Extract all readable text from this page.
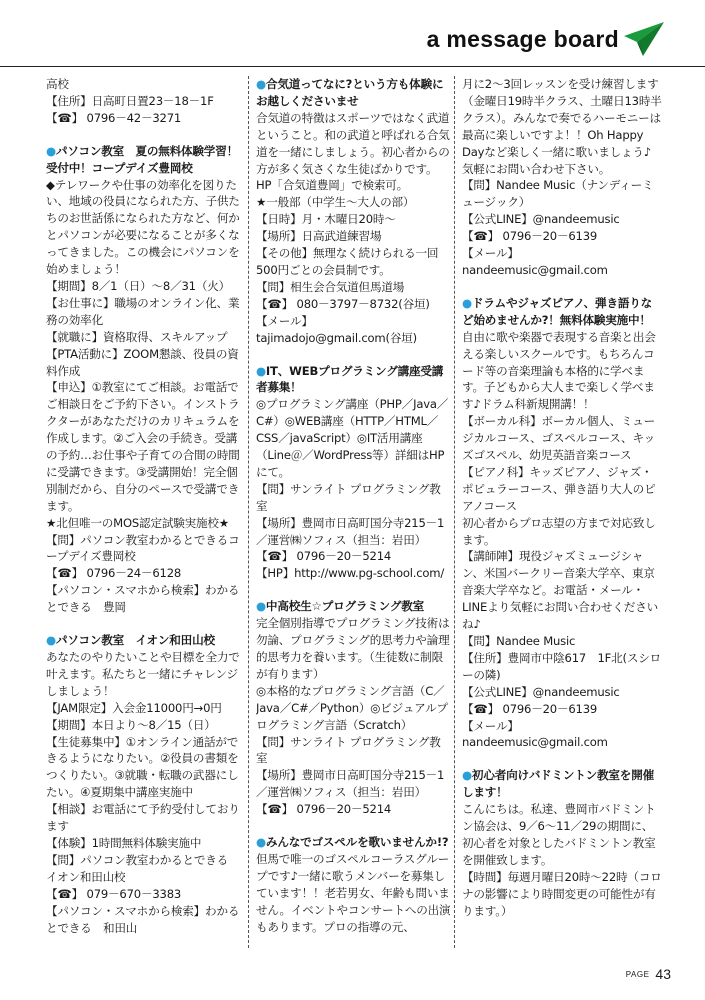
a message board

高校

【住所】日高町日置23－18－1F

【☎】 0796－42－3271

●パソコン教室　夏の無料体験学習！受付中！コープデイズ豊岡校

◆テレワークや仕事の効率化を図りたい、地域の役員になられた方、子供たちのお世話係になられた方など、何かとパソコンが必要になることが多くなってきました。この機会にパソコンを始めましょう！

【期間】8／1（日）～8／31（火）

【お仕事に】職場のオンライン化、業務の効率化

【就職に】資格取得、スキルアップ

【PTA活動に】ZOOM懇談、役員の資料作成

【申込】①教室にてご相談。お電話でご相談日をご予約下さい。インストラクターがあなただけのカリキュラムを作成します。②ご入会の手続き。受講の予約…お仕事や子育ての合間の時間に受講できます。③受講開始！完全個別制だから、自分のペースで受講できます。

★北但唯一のMOS認定試験実施校★

【問】パソコン教室わかるとできるコープデイズ豊岡校

【☎】 0796－24－6128

【パソコン・スマホから検索】わかるとできる　豊岡

●パソコン教室　イオン和田山校

あなたのやりたいことや目標を全力で叶えます。私たちと一緒にチャレンジしましょう！

【JAM限定】入会金11000円→0円

【期間】本日より～8／15（日）

【生徒募集中】①オンライン通話ができるようになりたい。②役員の書類をつくりたい。③就職・転職の武器にしたい。④夏期集中講座実施中

【相談】お電話にて予約受付しております

【体験】1時間無料体験実施中

【問】パソコン教室わかるとできる　イオン和田山校

【☎】 079－670－3383

【パソコン・スマホから検索】わかるとできる　和田山

●合気道ってなに?という方も体験にお越しくださいませ

合気道の特徴はスポーツではなく武道ということ。和の武道と呼ばれる合気道を一緒にしましょう。初心者からの方が多く気さくな生徒ばかりです。HP「合気道豊岡」で検索可。

★一般部（中学生～大人の部）

【日時】月・木曜日20時～

【場所】日高武道練習場

【その他】無理なく続けられる一回500円ごとの会員制です。

【問】相生会合気道但馬道場

【☎】 080－3797－8732(谷垣)

【メール】tajimadojo@gmail.com(谷垣)

●IT、WEBプログラミング講座受講者募集！

◎プログラミング講座（PHP／Java／C#）◎WEB講座（HTTP／HTML／CSS／javaScript）◎IT活用講座（Line＠／WordPress等）詳細はHPにて。

【問】サンライト プログラミング教室

【場所】豊岡市日高町国分寺215－1／運営㈱ソフィス（担当：岩田）

【☎】 0796－20－5214

【HP】http://www.pg-school.com/

●中高校生☆プログラミング教室

完全個別指導でプログラミング技術は勿論、プログラミング的思考力や論理的思考力を養います。（生徒数に制限が有ります）

◎本格的なプログラミング言語（C／Java／C#／Python）◎ビジュアルプログラミング言語（Scratch）

【問】サンライト プログラミング教室

【場所】豊岡市日高町国分寺215－1／運営㈱ソフィス（担当：岩田）

【☎】 0796－20－5214

●みんなでゴスペルを歌いませんか!?

但馬で唯一のゴスペルコーラスグループです♪一緒に歌うメンバーを募集しています！！老若男女、年齢も問いません。イベントやコンサートへの出演もあります。プロの指導の元、

月に2～3回レッスンを受け練習します（金曜日19時半クラス、土曜日13時半クラス）。みんなで奏でるハーモニーは最高に楽しいですよ！！Oh Happy Dayなど楽しく一緒に歌いましょう♪気軽にお問い合わせ下さい。

【問】Nandee Music（ナンディーミュージック）

【公式LINE】@nandeemusic

【☎】 0796－20－6139

【メール】nandeemusic@gmail.com

●ドラムやジャズピアノ、弾き語りなど始めませんか?！無料体験実施中！

自由に歌や楽器で表現する音楽と出会える楽しいスクールです。もちろんコード等の音楽理論も本格的に学べます。子どもから大人まで楽しく学べます♪ドラム科新規開講！！

【ボーカル科】ボーカル個人、ミュージカルコース、ゴスペルコース、キッズゴスペル、幼児英語音楽コース

【ピアノ科】キッズピアノ、ジャズ・ポピュラーコース、弾き語り大人のピアノコース

初心者からプロ志望の方まで対応致します。

【講師陣】現役ジャズミュージシャン、米国バークリー音楽大学卒、東京音楽大学卒など。お電話・メール・LINEより気軽にお問い合わせくださいね♪

【問】Nandee Music

【住所】豊岡市中陰617　1F北(スシローの隣)

【公式LINE】@nandeemusic

【☎】 0796－20－6139

【メール】nandeemusic@gmail.com

●初心者向けバドミントン教室を開催します！

こんにちは。私達、豊岡市バドミントン協会は、9／6～11／29の期間に、初心者を対象としたバドミントン教室を開催致します。

【時間】毎週月曜日20時～22時（コロナの影響により時間変更の可能性が有ります。）

PAGE 43
